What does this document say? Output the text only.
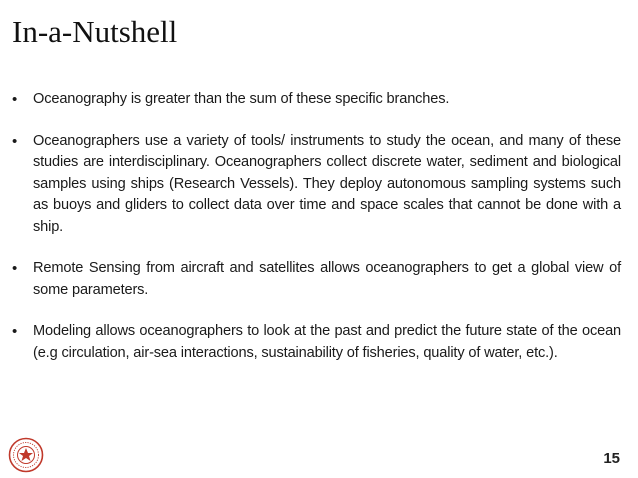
In-a-Nutshell
•	Oceanography is greater than the sum of these specific branches.
•	Oceanographers use a variety of tools/ instruments to study the ocean, and many of these studies are interdisciplinary. Oceanographers collect discrete water, sediment and biological samples using ships (Research Vessels). They deploy autonomous sampling systems such as buoys and gliders to collect data over time and space scales that cannot be done with a ship.
•	Remote Sensing from aircraft and satellites allows oceanographers to get a global view of some parameters.
•	Modeling allows oceanographers to look at the past and predict the future state of the ocean (e.g circulation, air-sea interactions, sustainability of fisheries, quality of water, etc.).
15
